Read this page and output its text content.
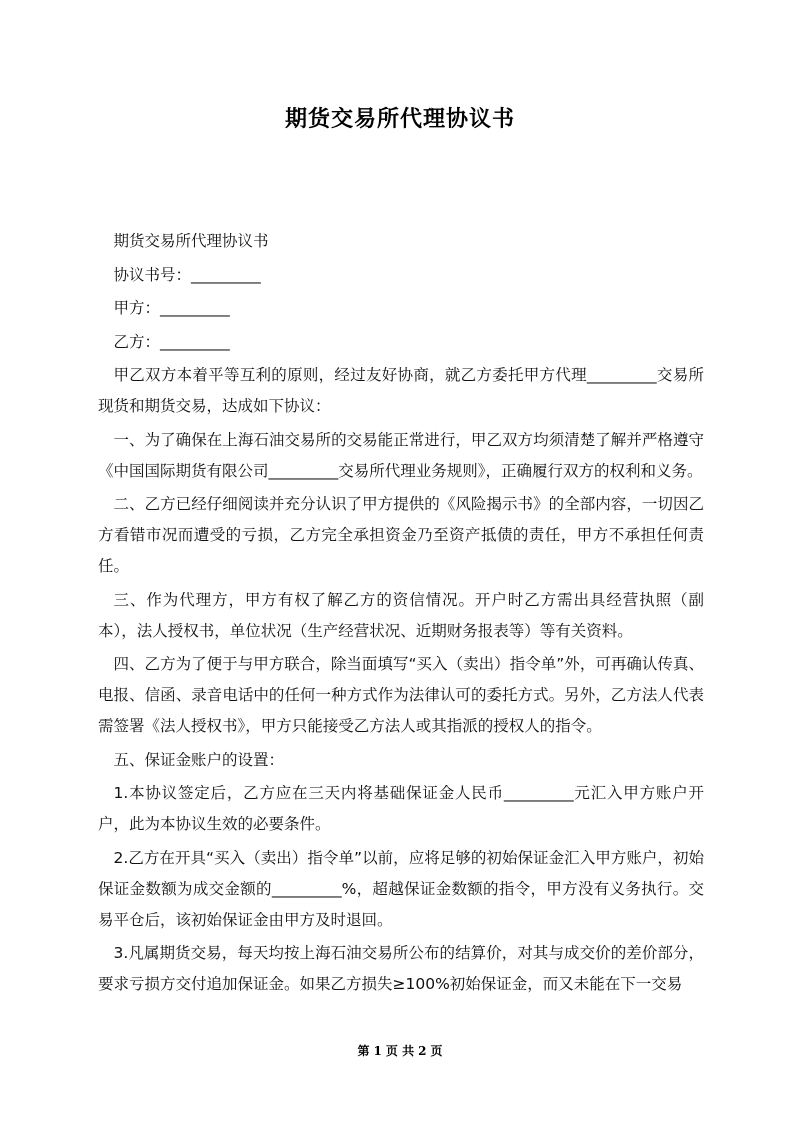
期货交易所代理协议书

期货交易所代理协议书

协议书号：_________

甲方：_________

乙方：_________

甲乙双方本着平等互利的原则，经过友好协商，就乙方委托甲方代理_________交易所现货和期货交易，达成如下协议：

一、为了确保在上海石油交易所的交易能正常进行，甲乙双方均须清楚了解并严格遵守《中国国际期货有限公司_________交易所代理业务规则》，正确履行双方的权利和义务。

二、乙方已经仔细阅读并充分认识了甲方提供的《风险揭示书》的全部内容，一切因乙方看错市况而遭受的亏损，乙方完全承担资金乃至资产抵债的责任，甲方不承担任何责任。

三、作为代理方，甲方有权了解乙方的资信情况。开户时乙方需出具经营执照（副本），法人授权书，单位状况（生产经营状况、近期财务报表等）等有关资料。

四、乙方为了便于与甲方联合，除当面填写“买入（卖出）指令单”外，可再确认传真、电报、信函、录音电话中的任何一种方式作为法律认可的委托方式。另外，乙方法人代表需签署《法人授权书》，甲方只能接受乙方法人或其指派的授权人的指令。

五、保证金账户的设置：

1.本协议签定后，乙方应在三天内将基础保证金人民币_________元汇入甲方账户开户，此为本协议生效的必要条件。

2.乙方在开具“买入（卖出）指令单”以前，应将足够的初始保证金汇入甲方账户，初始保证金数额为成交金额的_________%，超越保证金数额的指令，甲方没有义务执行。交易平仓后，该初始保证金由甲方及时退回。

3.凡属期货交易，每天均按上海石油交易所公布的结算价，对其与成交价的差价部分，要求亏损方交付追加保证金。如果乙方损失≥100%初始保证金，而又未能在下一交易

第 1 页 共 2 页
